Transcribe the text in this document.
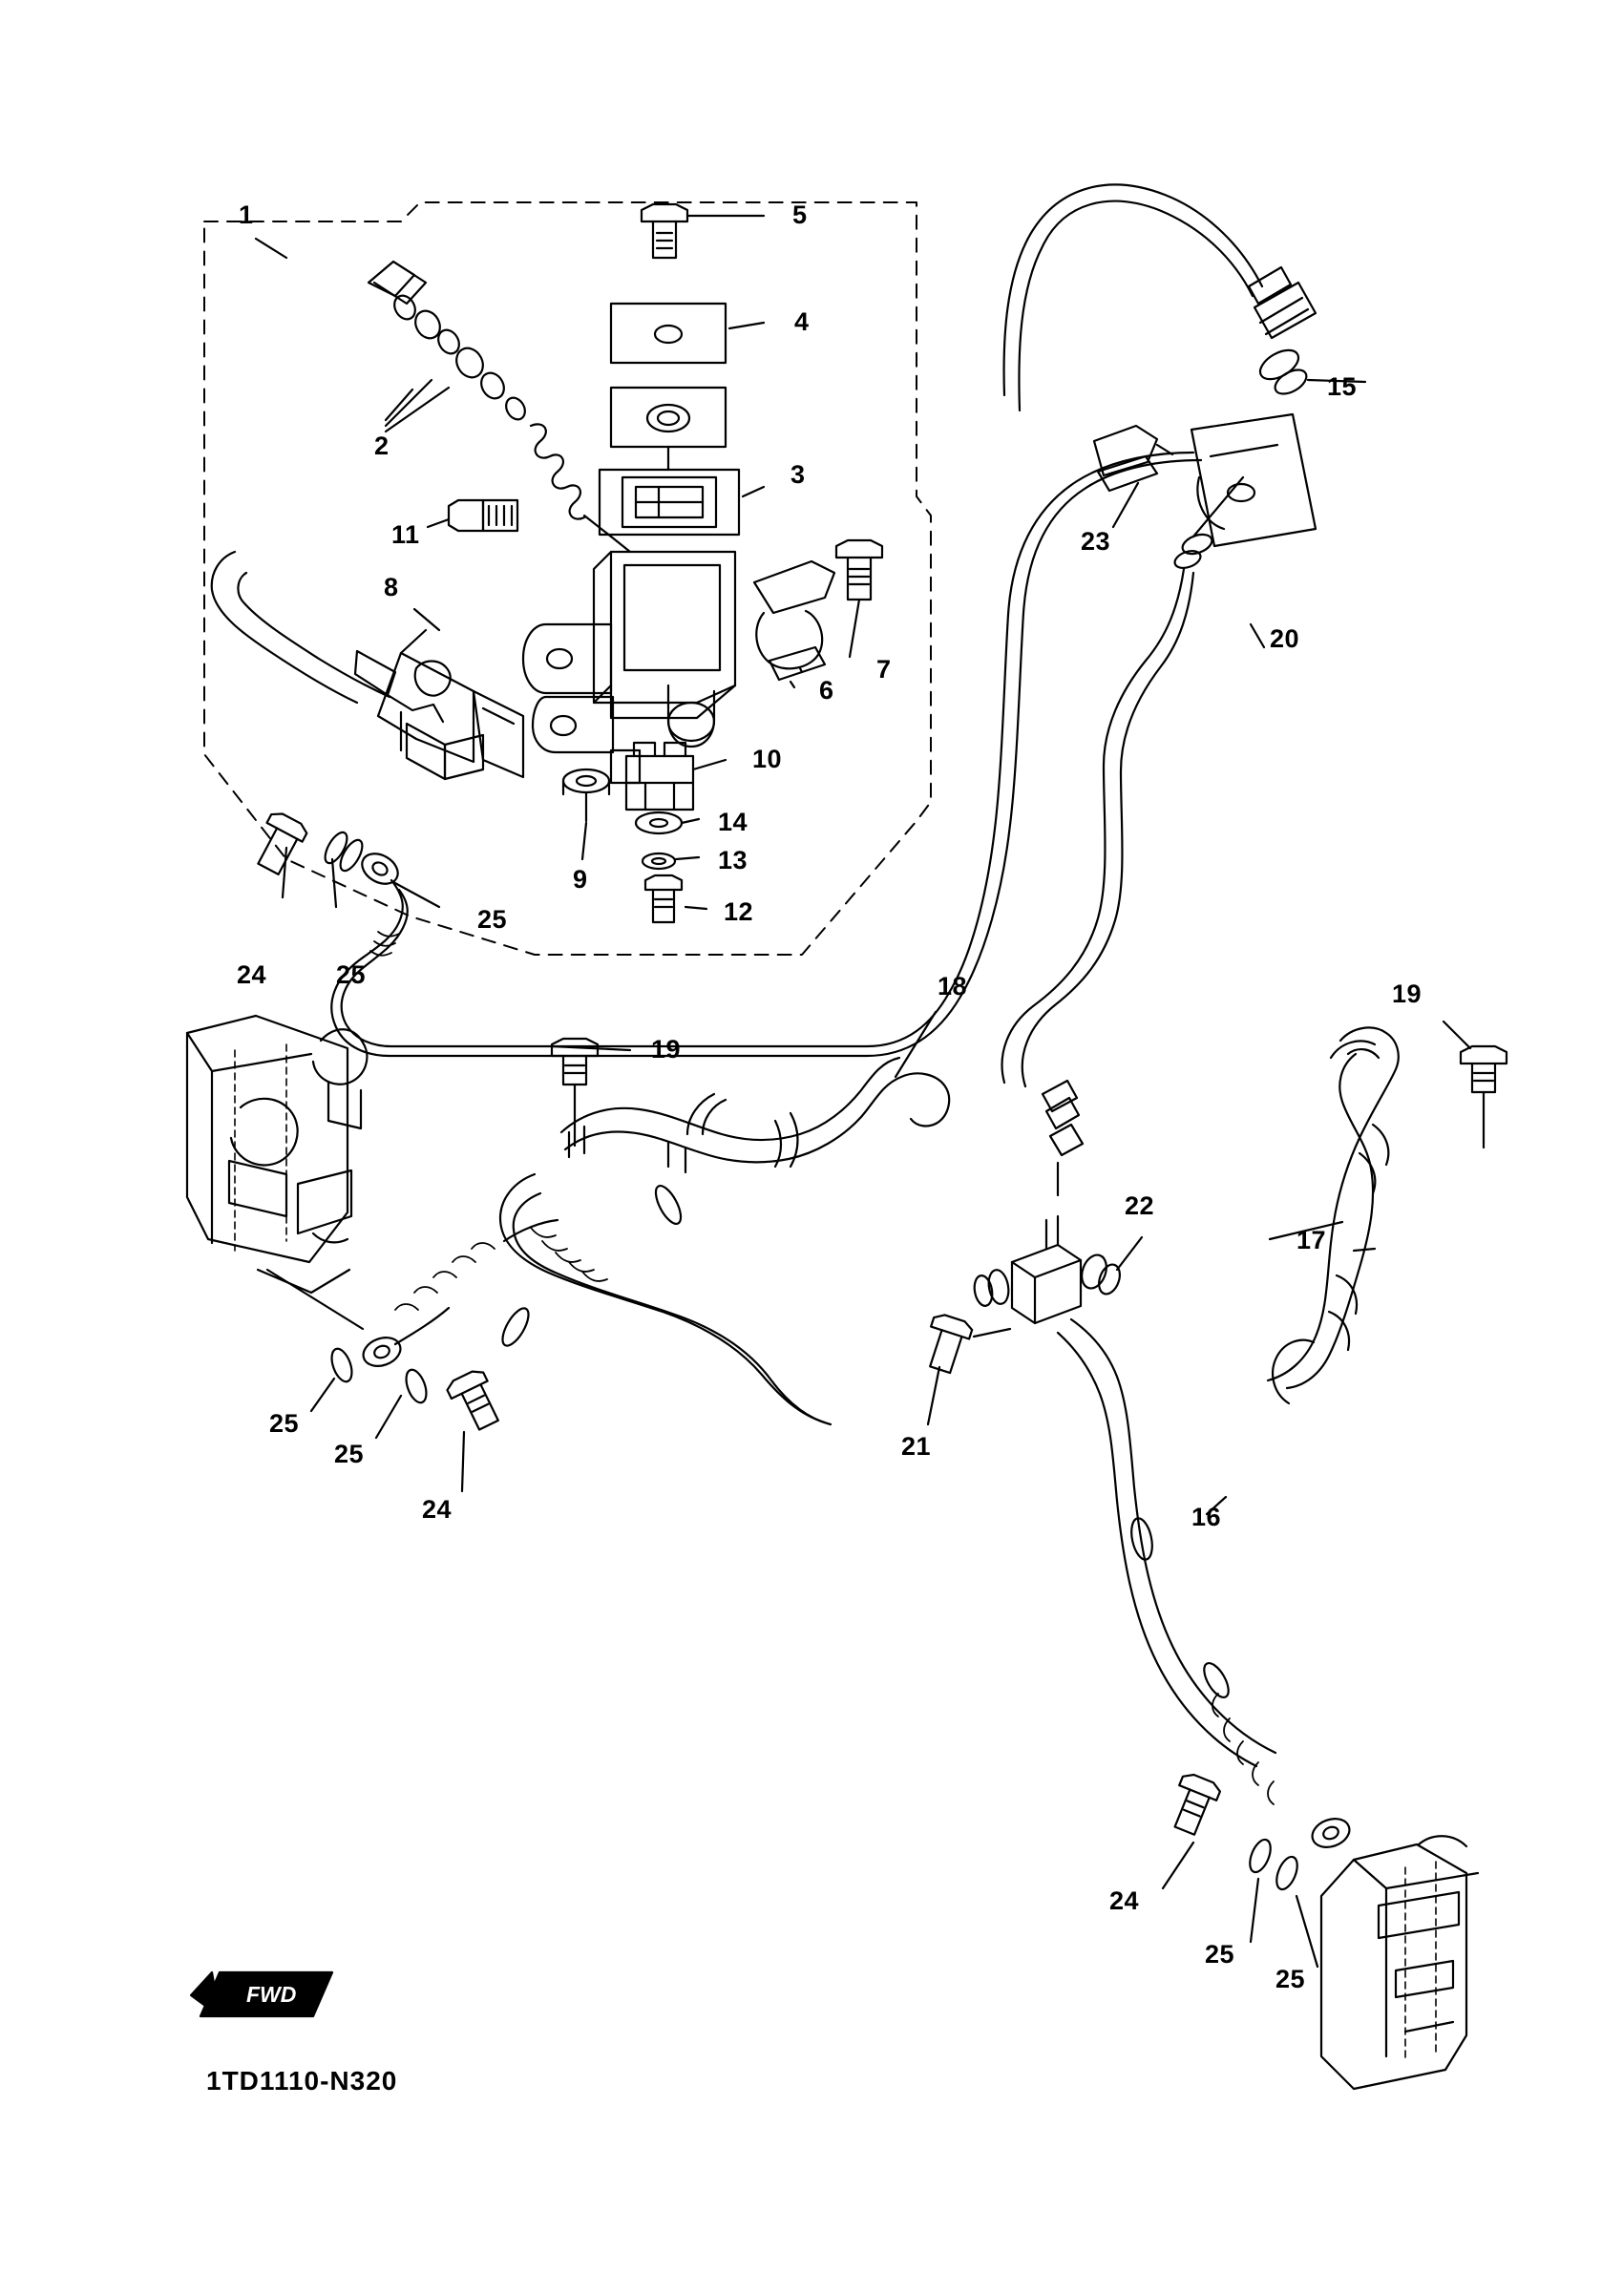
1	5
4
2
3
11
8
7
6
10
14
13
9
12
25
24	25
15
23
20
18
19
19
17
22
21
25
25
24	16
24
25
25
FWD
1TD1110-N320
